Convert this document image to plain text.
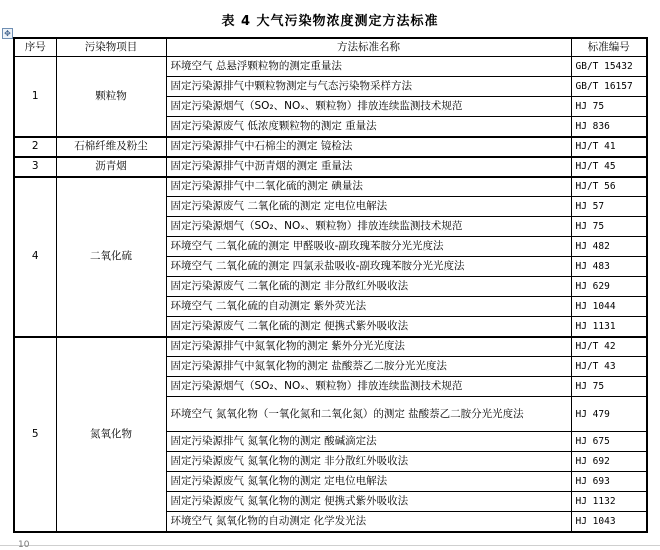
表 4 大气污染物浓度测定方法标准
✥
序号	污染物项目	方法标准名称	标准编号
1	颗粒物	环境空气 总悬浮颗粒物的测定重量法	GB/T 15432
		固定污染源排气中颗粒物测定与气态污染物采样方法	GB/T 16157
		固定污染源烟气（SO₂、NOₓ、颗粒物）排放连续监测技术规范	HJ 75
		固定污染源废气 低浓度颗粒物的测定 重量法	HJ 836
2	石棉纤维及粉尘	固定污染源排气中石棉尘的测定 镜检法	HJ/T 41
3	沥青烟	固定污染源排气中沥青烟的测定 重量法	HJ/T 45
4	二氧化硫	固定污染源排气中二氧化硫的测定 碘量法	HJ/T 56
		固定污染源废气 二氧化硫的测定 定电位电解法	HJ 57
		固定污染源烟气（SO₂、NOₓ、颗粒物）排放连续监测技术规范	HJ 75
		环境空气 二氧化硫的测定 甲醛吸收-副玫瑰苯胺分光光度法	HJ 482
		环境空气 二氧化硫的测定 四氯汞盐吸收-副玫瑰苯胺分光光度法	HJ 483
		固定污染源废气 二氧化硫的测定 非分散红外吸收法	HJ 629
		环境空气 二氧化硫的自动测定 紫外荧光法	HJ 1044
		固定污染源废气 二氧化硫的测定 便携式紫外吸收法	HJ 1131
5	氮氧化物	固定污染源排气中氮氧化物的测定 紫外分光光度法	HJ/T 42
		固定污染源排气中氮氧化物的测定 盐酸萘乙二胺分光光度法	HJ/T 43
		固定污染源烟气（SO₂、NOₓ、颗粒物）排放连续监测技术规范	HJ 75
		环境空气 氮氧化物（一氧化氮和二氧化氮）的测定 盐酸萘乙二胺分光光度法	HJ 479
		固定污染源排气 氮氧化物的测定 酸碱滴定法	HJ 675
		固定污染源废气 氮氧化物的测定 非分散红外吸收法	HJ 692
		固定污染源废气 氮氧化物的测定 定电位电解法	HJ 693
		固定污染源废气 氮氧化物的测定 便携式紫外吸收法	HJ 1132
		环境空气 氮氧化物的自动测定 化学发光法	HJ 1043
10
